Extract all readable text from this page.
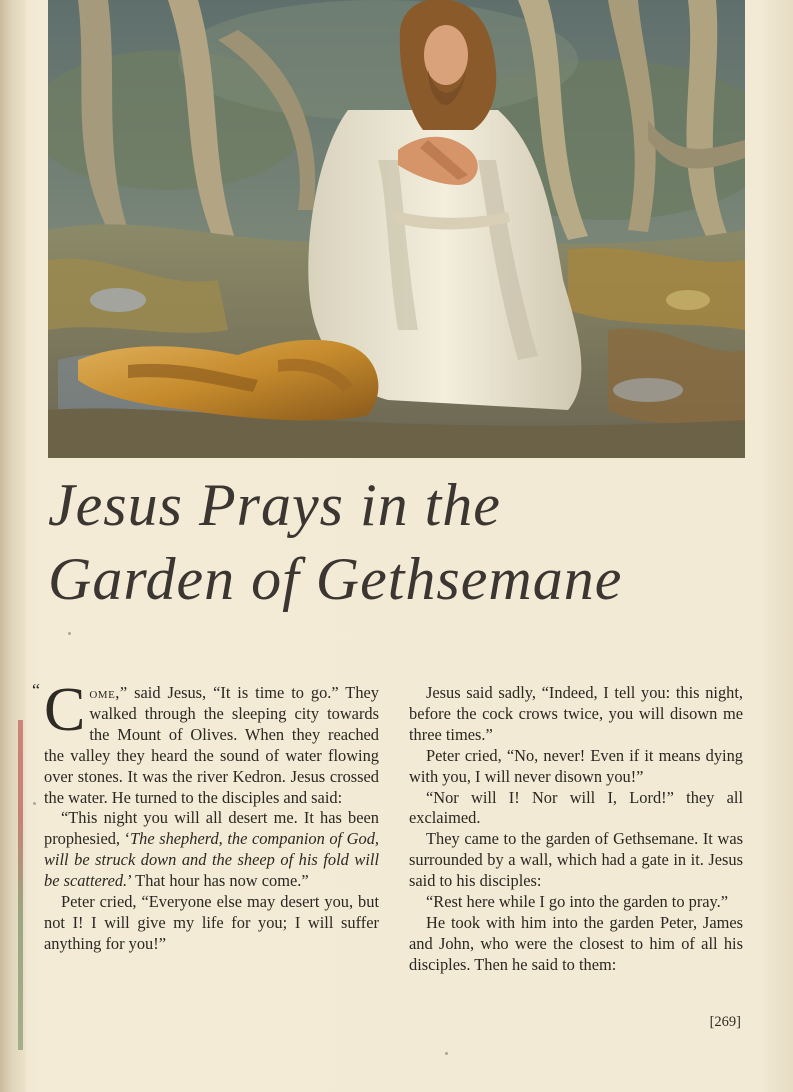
Jesus Prays in the
Garden of Gethsemane

“ C ome,” said Jesus, “It is time to go.” They walked through the sleeping city towards the Mount of Olives. When they reached the valley they heard the sound of water flowing over stones. It was the river Kedron. Jesus crossed the water. He turned to the disciples and said:

“This night you will all desert me. It has been prophesied, ‘The shepherd, the companion of God, will be struck down and the sheep of his fold will be scattered.’ That hour has now come.”

Peter cried, “Everyone else may desert you, but not I! I will give my life for you; I will suffer anything for you!”

Jesus said sadly, “Indeed, I tell you: this night, before the cock crows twice, you will disown me three times.”

Peter cried, “No, never! Even if it means dying with you, I will never disown you!”

“Nor will I! Nor will I, Lord!” they all exclaimed.

They came to the garden of Gethsemane. It was surrounded by a wall, which had a gate in it. Jesus said to his disciples:

“Rest here while I go into the garden to pray.”

He took with him into the garden Peter, James and John, who were the closest to him of all his disciples. Then he said to them:

[269]
